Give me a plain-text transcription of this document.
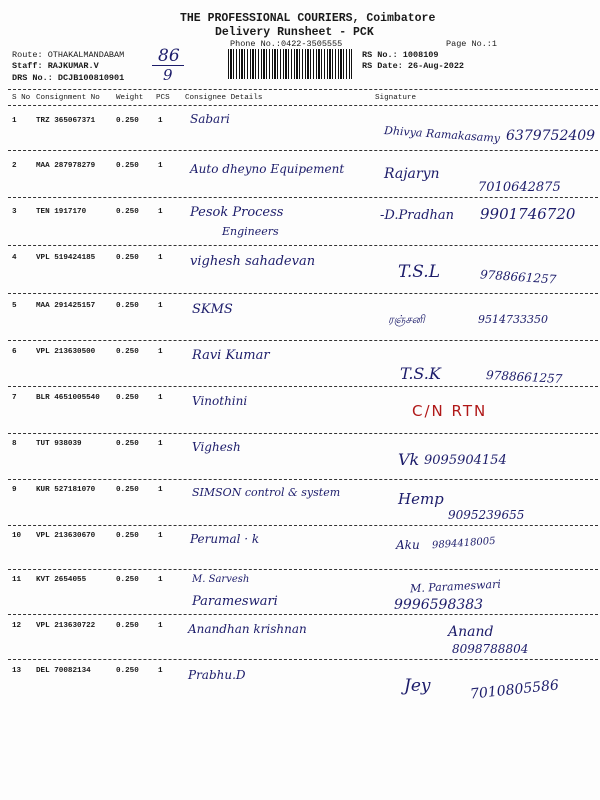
THE PROFESSIONAL COURIERS, Coimbatore
Delivery Runsheet - PCK
Phone No.:0422-3505555	Page No.:1
Route: OTHAKALMANDABAM
Staff: RAJKUMAR.V
DRS No.: DCJB100810901
RS No.: 1008109
RS Date: 26-Aug-2022
86
9
S No Consignment No Weight PCS Consignee Details	Signature
1	TRZ 365067371	0.250	1 Sabari
Dhivya Ramakasamy 6379752409
2	MAA 287978279	0.250	1 Auto dheyno Equipement	Rajaryn
7010642875
3	TEN 1917170	0.250	1 Pesok Process
Engineers
-D.Pradhan 9901746720
4	VPL 519424185	0.250	1 vighesh sahadevan
T.S.L	9788661257
5	MAA 291425157	0.250	1 SKMS
ரஞ்சனி	9514733350
6	VPL 213630500	0.250	1 Ravi Kumar
T.S.K	9788661257
7	BLR 4651005540 0.250	1 Vinothini
C/N RTN
8	TUT 938039	0.250	1 Vighesh
Vk 9095904154
9	KUR 527181070	0.250	1	SIMSON control & system	Hemp
9095239655
10 VPL 213630670	0.250	1 Perumal · k	Aku 9894418005
11 KVT 2654055	0.250	1	M. Sarvesh
Parameswari
M. Parameswari
9996598383
12 VPL 213630722	0.250	1 Anandhan krishnan	Anand
8098788804
13 DEL 70082134	0.250	1 Prabhu.D
Jey	7010805586
